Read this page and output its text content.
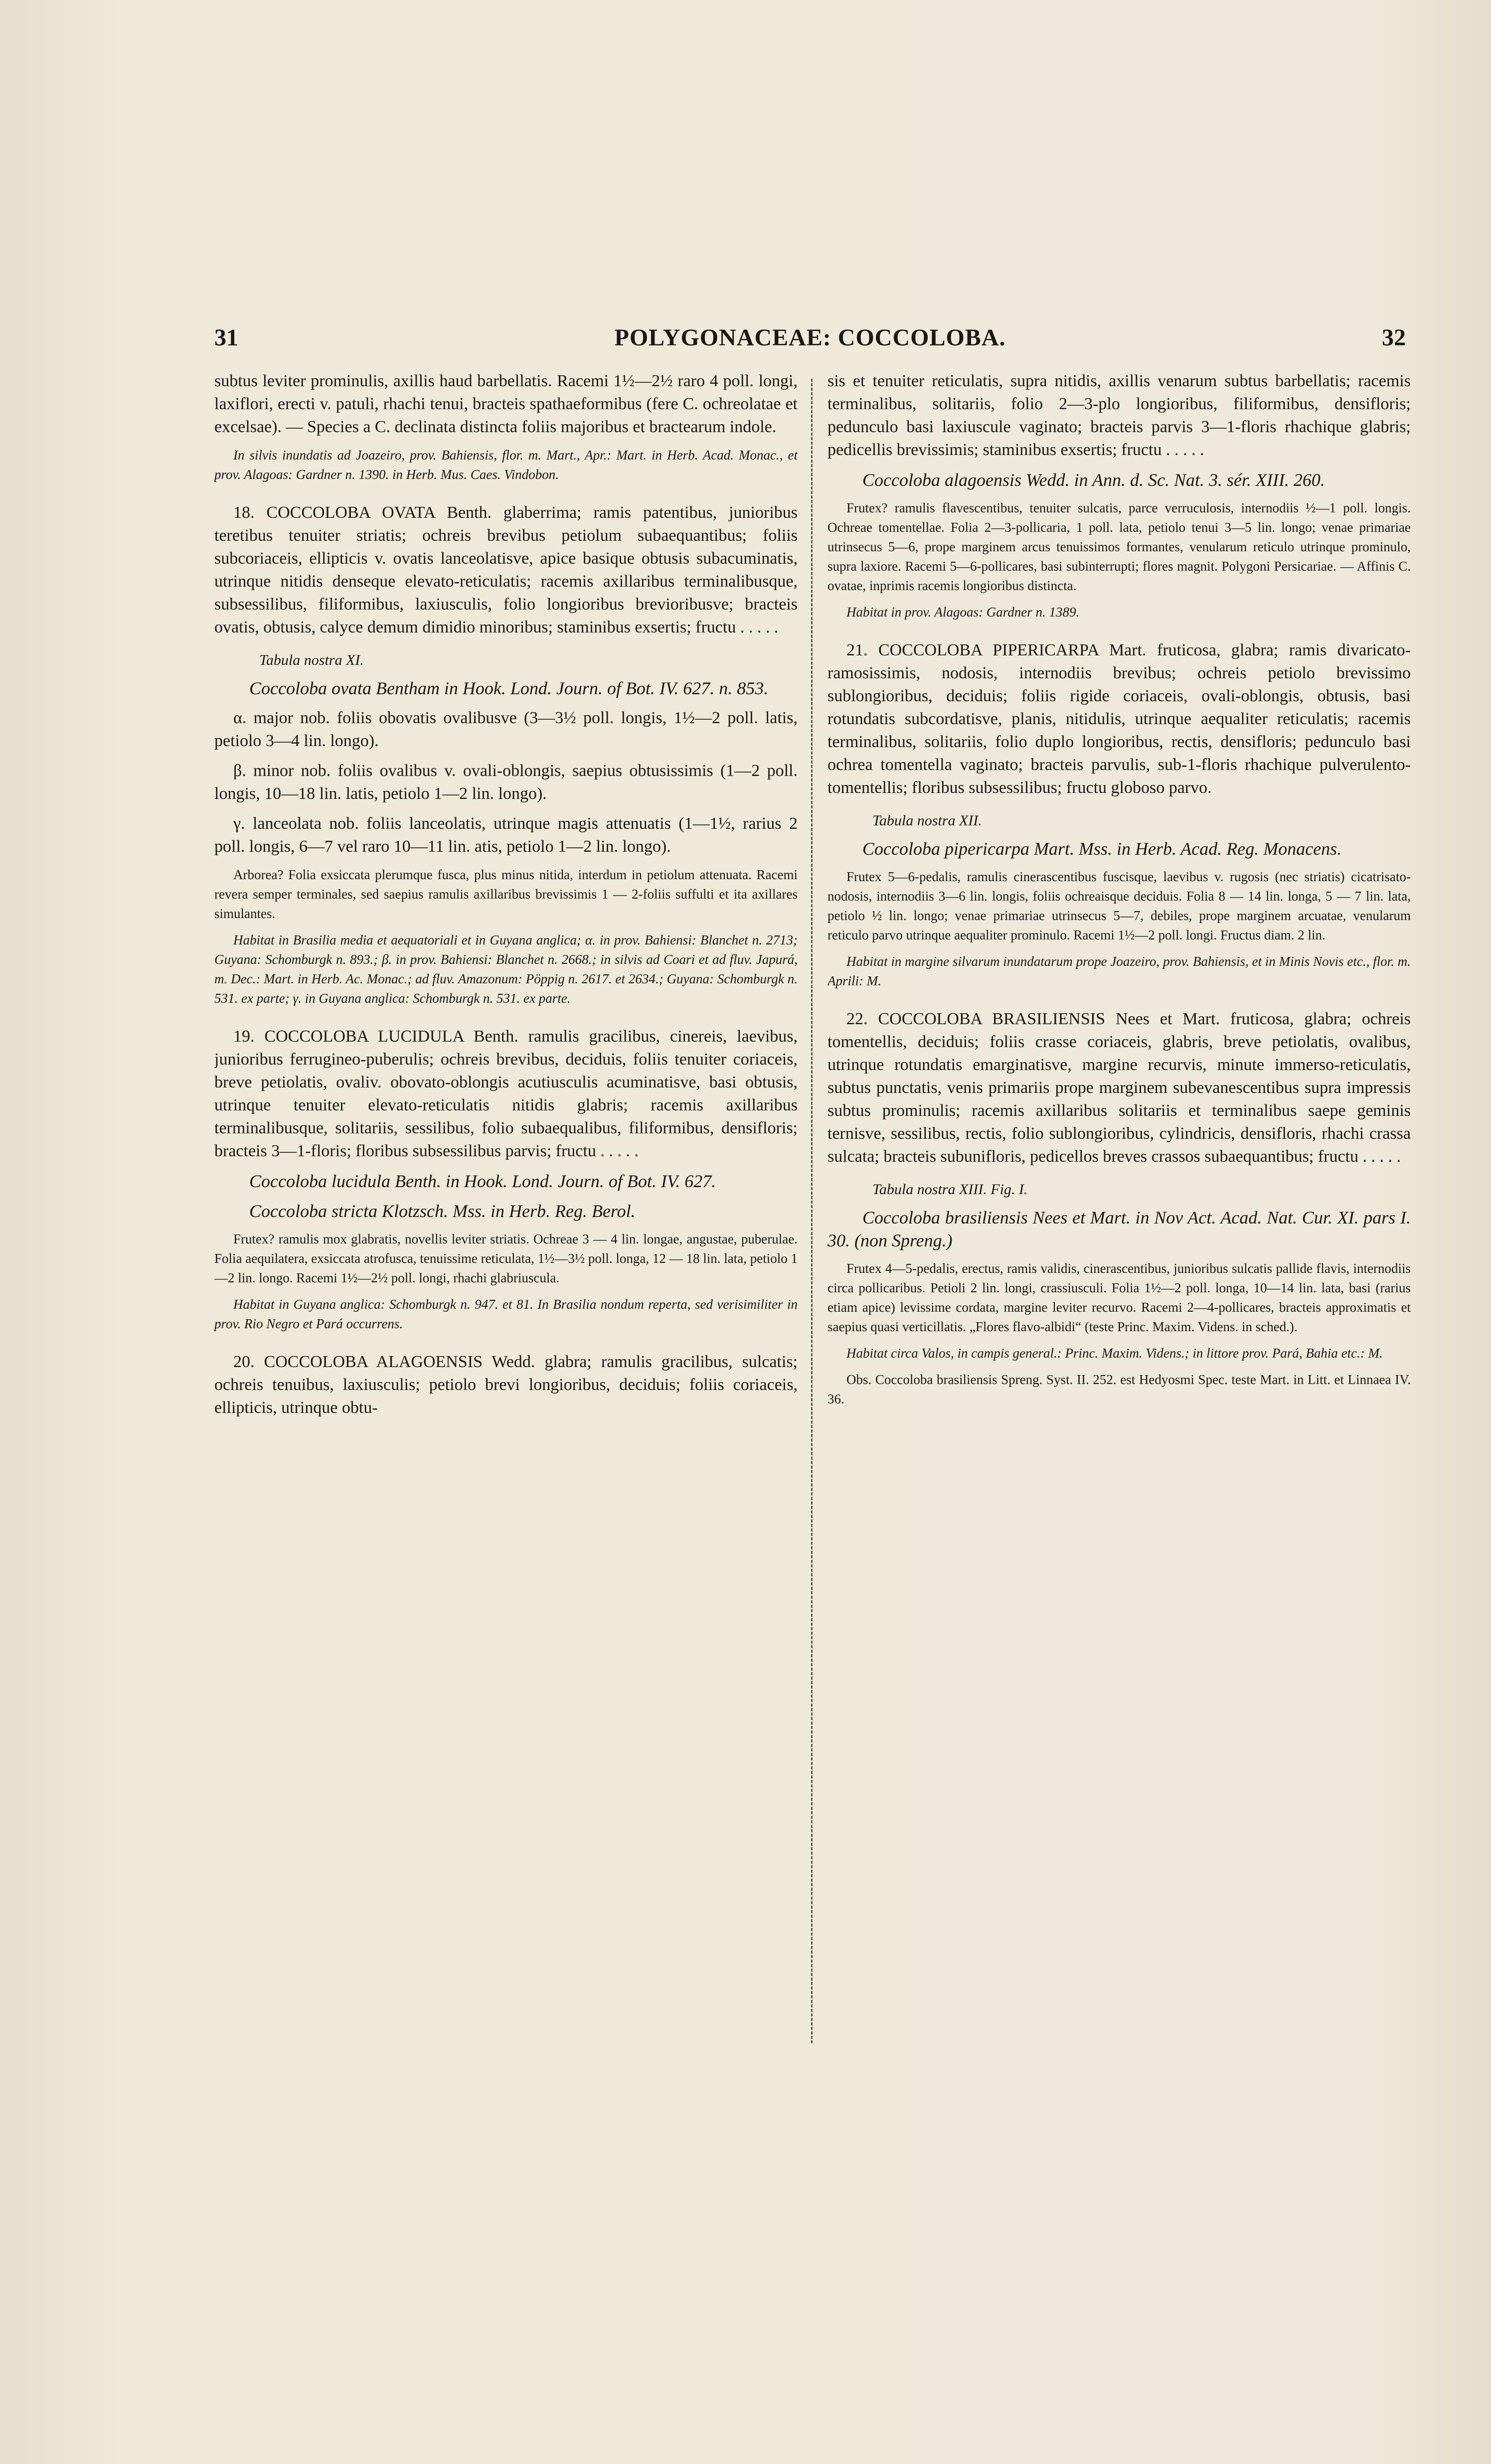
31	POLYGONACEAE: COCCOLOBA.	32

subtus leviter prominulis, axillis haud barbellatis. Racemi 1½—2½ raro 4 poll. longi, laxiflori, erecti v. patuli, rhachi tenui, bracteis spathaeformibus (fere C. ochreolatae et excelsae). — Species a C. declinata distincta foliis majoribus et bractearum indole.

In silvis inundatis ad Joazeiro, prov. Bahiensis, flor. m. Mart., Apr.: Mart. in Herb. Acad. Monac., et prov. Alagoas: Gardner n. 1390. in Herb. Mus. Caes. Vindobon.

18. COCCOLOBA OVATA Benth. glaberrima; ramis patentibus, junioribus teretibus tenuiter striatis; ochreis brevibus petiolum subaequantibus; foliis subcoriaceis, ellipticis v. ovatis lanceolatisve, apice basique obtusis subacuminatis, utrinque nitidis denseque elevato-reticulatis; racemis axillaribus terminalibusque, subsessilibus, filiformibus, laxiusculis, folio longioribus brevioribusve; bracteis ovatis, obtusis, calyce demum dimidio minoribus; staminibus exsertis; fructu . . . . .

Tabula nostra XI.

Coccoloba ovata Bentham in Hook. Lond. Journ. of Bot. IV. 627. n. 853.

α. major nob. foliis obovatis ovalibusve (3—3½ poll. longis, 1½—2 poll. latis, petiolo 3—4 lin. longo).

β. minor nob. foliis ovalibus v. ovali-oblongis, saepius obtusissimis (1—2 poll. longis, 10—18 lin. latis, petiolo 1—2 lin. longo).

γ. lanceolata nob. foliis lanceolatis, utrinque magis attenuatis (1—1½, rarius 2 poll. longis, 6—7 vel raro 10—11 lin. atis, petiolo 1—2 lin. longo).

Arborea? Folia exsiccata plerumque fusca, plus minus nitida, interdum in petiolum attenuata. Racemi revera semper terminales, sed saepius ramulis axillaribus brevissimis 1 — 2-foliis suffulti et ita axillares simulantes.

Habitat in Brasilia media et aequatoriali et in Guyana anglica; α. in prov. Bahiensi: Blanchet n. 2713; Guyana: Schomburgk n. 893.; β. in prov. Bahiensi: Blanchet n. 2668.; in silvis ad Coari et ad fluv. Japurá, m. Dec.: Mart. in Herb. Ac. Monac.; ad fluv. Amazonum: Pöppig n. 2617. et 2634.; Guyana: Schomburgk n. 531. ex parte; γ. in Guyana anglica: Schomburgk n. 531. ex parte.

19. COCCOLOBA LUCIDULA Benth. ramulis gracilibus, cinereis, laevibus, junioribus ferrugineo-puberulis; ochreis brevibus, deciduis, foliis tenuiter coriaceis, breve petiolatis, ovaliv. obovato-oblongis acutiusculis acuminatisve, basi obtusis, utrinque tenuiter elevato-reticulatis nitidis glabris; racemis axillaribus terminalibusque, solitariis, sessilibus, folio subaequalibus, filiformibus, densifloris; bracteis 3—1-floris; floribus subsessilibus parvis; fructu . . . . .

Coccoloba lucidula Benth. in Hook. Lond. Journ. of Bot. IV. 627.

Coccoloba stricta Klotzsch. Mss. in Herb. Reg. Berol.

Frutex? ramulis mox glabratis, novellis leviter striatis. Ochreae 3 — 4 lin. longae, angustae, puberulae. Folia aequilatera, exsiccata atrofusca, tenuissime reticulata, 1½—3½ poll. longa, 12 — 18 lin. lata, petiolo 1—2 lin. longo. Racemi 1½—2½ poll. longi, rhachi glabriuscula.

Habitat in Guyana anglica: Schomburgk n. 947. et 81. In Brasilia nondum reperta, sed verisimiliter in prov. Rio Negro et Pará occurrens.

20. COCCOLOBA ALAGOENSIS Wedd. glabra; ramulis gracilibus, sulcatis; ochreis tenuibus, laxiusculis; petiolo brevi longioribus, deciduis; foliis coriaceis, ellipticis, utrinque obtu-

sis et tenuiter reticulatis, supra nitidis, axillis venarum subtus barbellatis; racemis terminalibus, solitariis, folio 2—3-plo longioribus, filiformibus, densifloris; pedunculo basi laxiuscule vaginato; bracteis parvis 3—1-floris rhachique glabris; pedicellis brevissimis; staminibus exsertis; fructu . . . . .

Coccoloba alagoensis Wedd. in Ann. d. Sc. Nat. 3. sér. XIII. 260.

Frutex? ramulis flavescentibus, tenuiter sulcatis, parce verruculosis, internodiis ½—1 poll. longis. Ochreae tomentellae. Folia 2—3-pollicaria, 1 poll. lata, petiolo tenui 3—5 lin. longo; venae primariae utrinsecus 5—6, prope marginem arcus tenuissimos formantes, venularum reticulo utrinque prominulo, supra laxiore. Racemi 5—6-pollicares, basi subinterrupti; flores magnit. Polygoni Persicariae. — Affinis C. ovatae, inprimis racemis longioribus distincta.

Habitat in prov. Alagoas: Gardner n. 1389.

21. COCCOLOBA PIPERICARPA Mart. fruticosa, glabra; ramis divaricato-ramosissimis, nodosis, internodiis brevibus; ochreis petiolo brevissimo sublongioribus, deciduis; foliis rigide coriaceis, ovali-oblongis, obtusis, basi rotundatis subcordatisve, planis, nitidulis, utrinque aequaliter reticulatis; racemis terminalibus, solitariis, folio duplo longioribus, rectis, densifloris; pedunculo basi ochrea tomentella vaginato; bracteis parvulis, sub-1-floris rhachique pulverulento-tomentellis; floribus subsessilibus; fructu globoso parvo.

Tabula nostra XII.

Coccoloba pipericarpa Mart. Mss. in Herb. Acad. Reg. Monacens.

Frutex 5—6-pedalis, ramulis cinerascentibus fuscisque, laevibus v. rugosis (nec striatis) cicatrisato-nodosis, internodiis 3—6 lin. longis, foliis ochreaisque deciduis. Folia 8 — 14 lin. longa, 5 — 7 lin. lata, petiolo ½ lin. longo; venae primariae utrinsecus 5—7, debiles, prope marginem arcuatae, venularum reticulo parvo utrinque aequaliter prominulo. Racemi 1½—2 poll. longi. Fructus diam. 2 lin.

Habitat in margine silvarum inundatarum prope Joazeiro, prov. Bahiensis, et in Minis Novis etc., flor. m. Aprili: M.

22. COCCOLOBA BRASILIENSIS Nees et Mart. fruticosa, glabra; ochreis tomentellis, deciduis; foliis crasse coriaceis, glabris, breve petiolatis, ovalibus, utrinque rotundatis emarginatisve, margine recurvis, minute immerso-reticulatis, subtus punctatis, venis primariis prope marginem subevanescentibus supra impressis subtus prominulis; racemis axillaribus solitariis et terminalibus saepe geminis ternisve, sessilibus, rectis, folio sublongioribus, cylindricis, densifloris, rhachi crassa sulcata; bracteis subunifloris, pedicellos breves crassos subaequantibus; fructu . . . . .

Tabula nostra XIII. Fig. I.

Coccoloba brasiliensis Nees et Mart. in Nov Act. Acad. Nat. Cur. XI. pars I. 30. (non Spreng.)

Frutex 4—5-pedalis, erectus, ramis validis, cinerascentibus, junioribus sulcatis pallide flavis, internodiis circa pollicaribus. Petioli 2 lin. longi, crassiusculi. Folia 1½—2 poll. longa, 10—14 lin. lata, basi (rarius etiam apice) levissime cordata, margine leviter recurvo. Racemi 2—4-pollicares, bracteis approximatis et saepius quasi verticillatis. „Flores flavo-albidi“ (teste Princ. Maxim. Videns. in sched.).

Habitat circa Valos, in campis general.: Princ. Maxim. Videns.; in littore prov. Pará, Bahia etc.: M.

Obs. Coccoloba brasiliensis Spreng. Syst. II. 252. est Hedyosmi Spec. teste Mart. in Litt. et Linnaea IV. 36.
